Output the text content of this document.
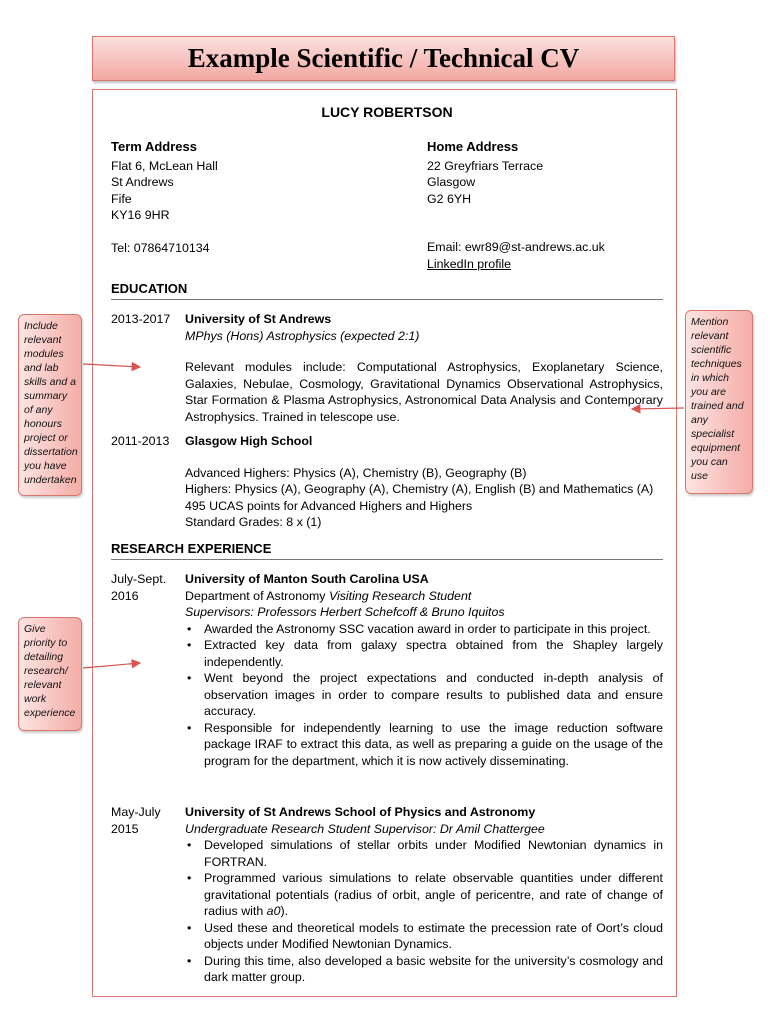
Example Scientific / Technical CV
LUCY ROBERTSON
Term Address
Flat 6, McLean Hall
St Andrews
Fife
KY16 9HR
Tel: 07864710134
Home Address
22 Greyfriars Terrace
Glasgow
G2 6YH
Email: ewr89@st-andrews.ac.uk
LinkedIn profile
EDUCATION
2013-2017	University of St Andrews
MPhys (Hons) Astrophysics (expected 2:1)
Relevant modules include: Computational Astrophysics, Exoplanetary Science, Galaxies, Nebulae, Cosmology, Gravitational Dynamics Observational Astrophysics, Star Formation & Plasma Astrophysics, Astronomical Data Analysis and Contemporary Astrophysics. Trained in telescope use.
2011-2013	Glasgow High School
Advanced Highers: Physics (A), Chemistry (B), Geography (B)
Highers: Physics (A), Geography (A), Chemistry (A), English (B) and Mathematics (A)
495 UCAS points for Advanced Highers and Highers
Standard Grades: 8 x (1)
RESEARCH EXPERIENCE
July-Sept.
2016
University of Manton South Carolina USA
Department of Astronomy Visiting Research Student
Supervisors: Professors Herbert Schefcoff & Bruno Iquitos
• Awarded the Astronomy SSC vacation award in order to participate in this project.
• Extracted key data from galaxy spectra obtained from the Shapley largely independently.
• Went beyond the project expectations and conducted in-depth analysis of observation images in order to compare results to published data and ensure accuracy.
• Responsible for independently learning to use the image reduction software package IRAF to extract this data, as well as preparing a guide on the usage of the program for the department, which it is now actively disseminating.
May-July
2015
University of St Andrews School of Physics and Astronomy
Undergraduate Research Student Supervisor: Dr Amil Chattergee
• Developed simulations of stellar orbits under Modified Newtonian dynamics in FORTRAN.
• Programmed various simulations to relate observable quantities under different gravitational potentials (radius of orbit, angle of pericentre, and rate of change of radius with a0).
• Used these and theoretical models to estimate the precession rate of Oort’s cloud objects under Modified Newtonian Dynamics.
• During this time, also developed a basic website for the university’s cosmology and dark matter group.
Include relevant modules and lab skills and a summary of any honours project or dissertation you have undertaken
Mention relevant scientific techniques in which you are trained and any specialist equipment you can use
Give priority to detailing research/ relevant work experience
